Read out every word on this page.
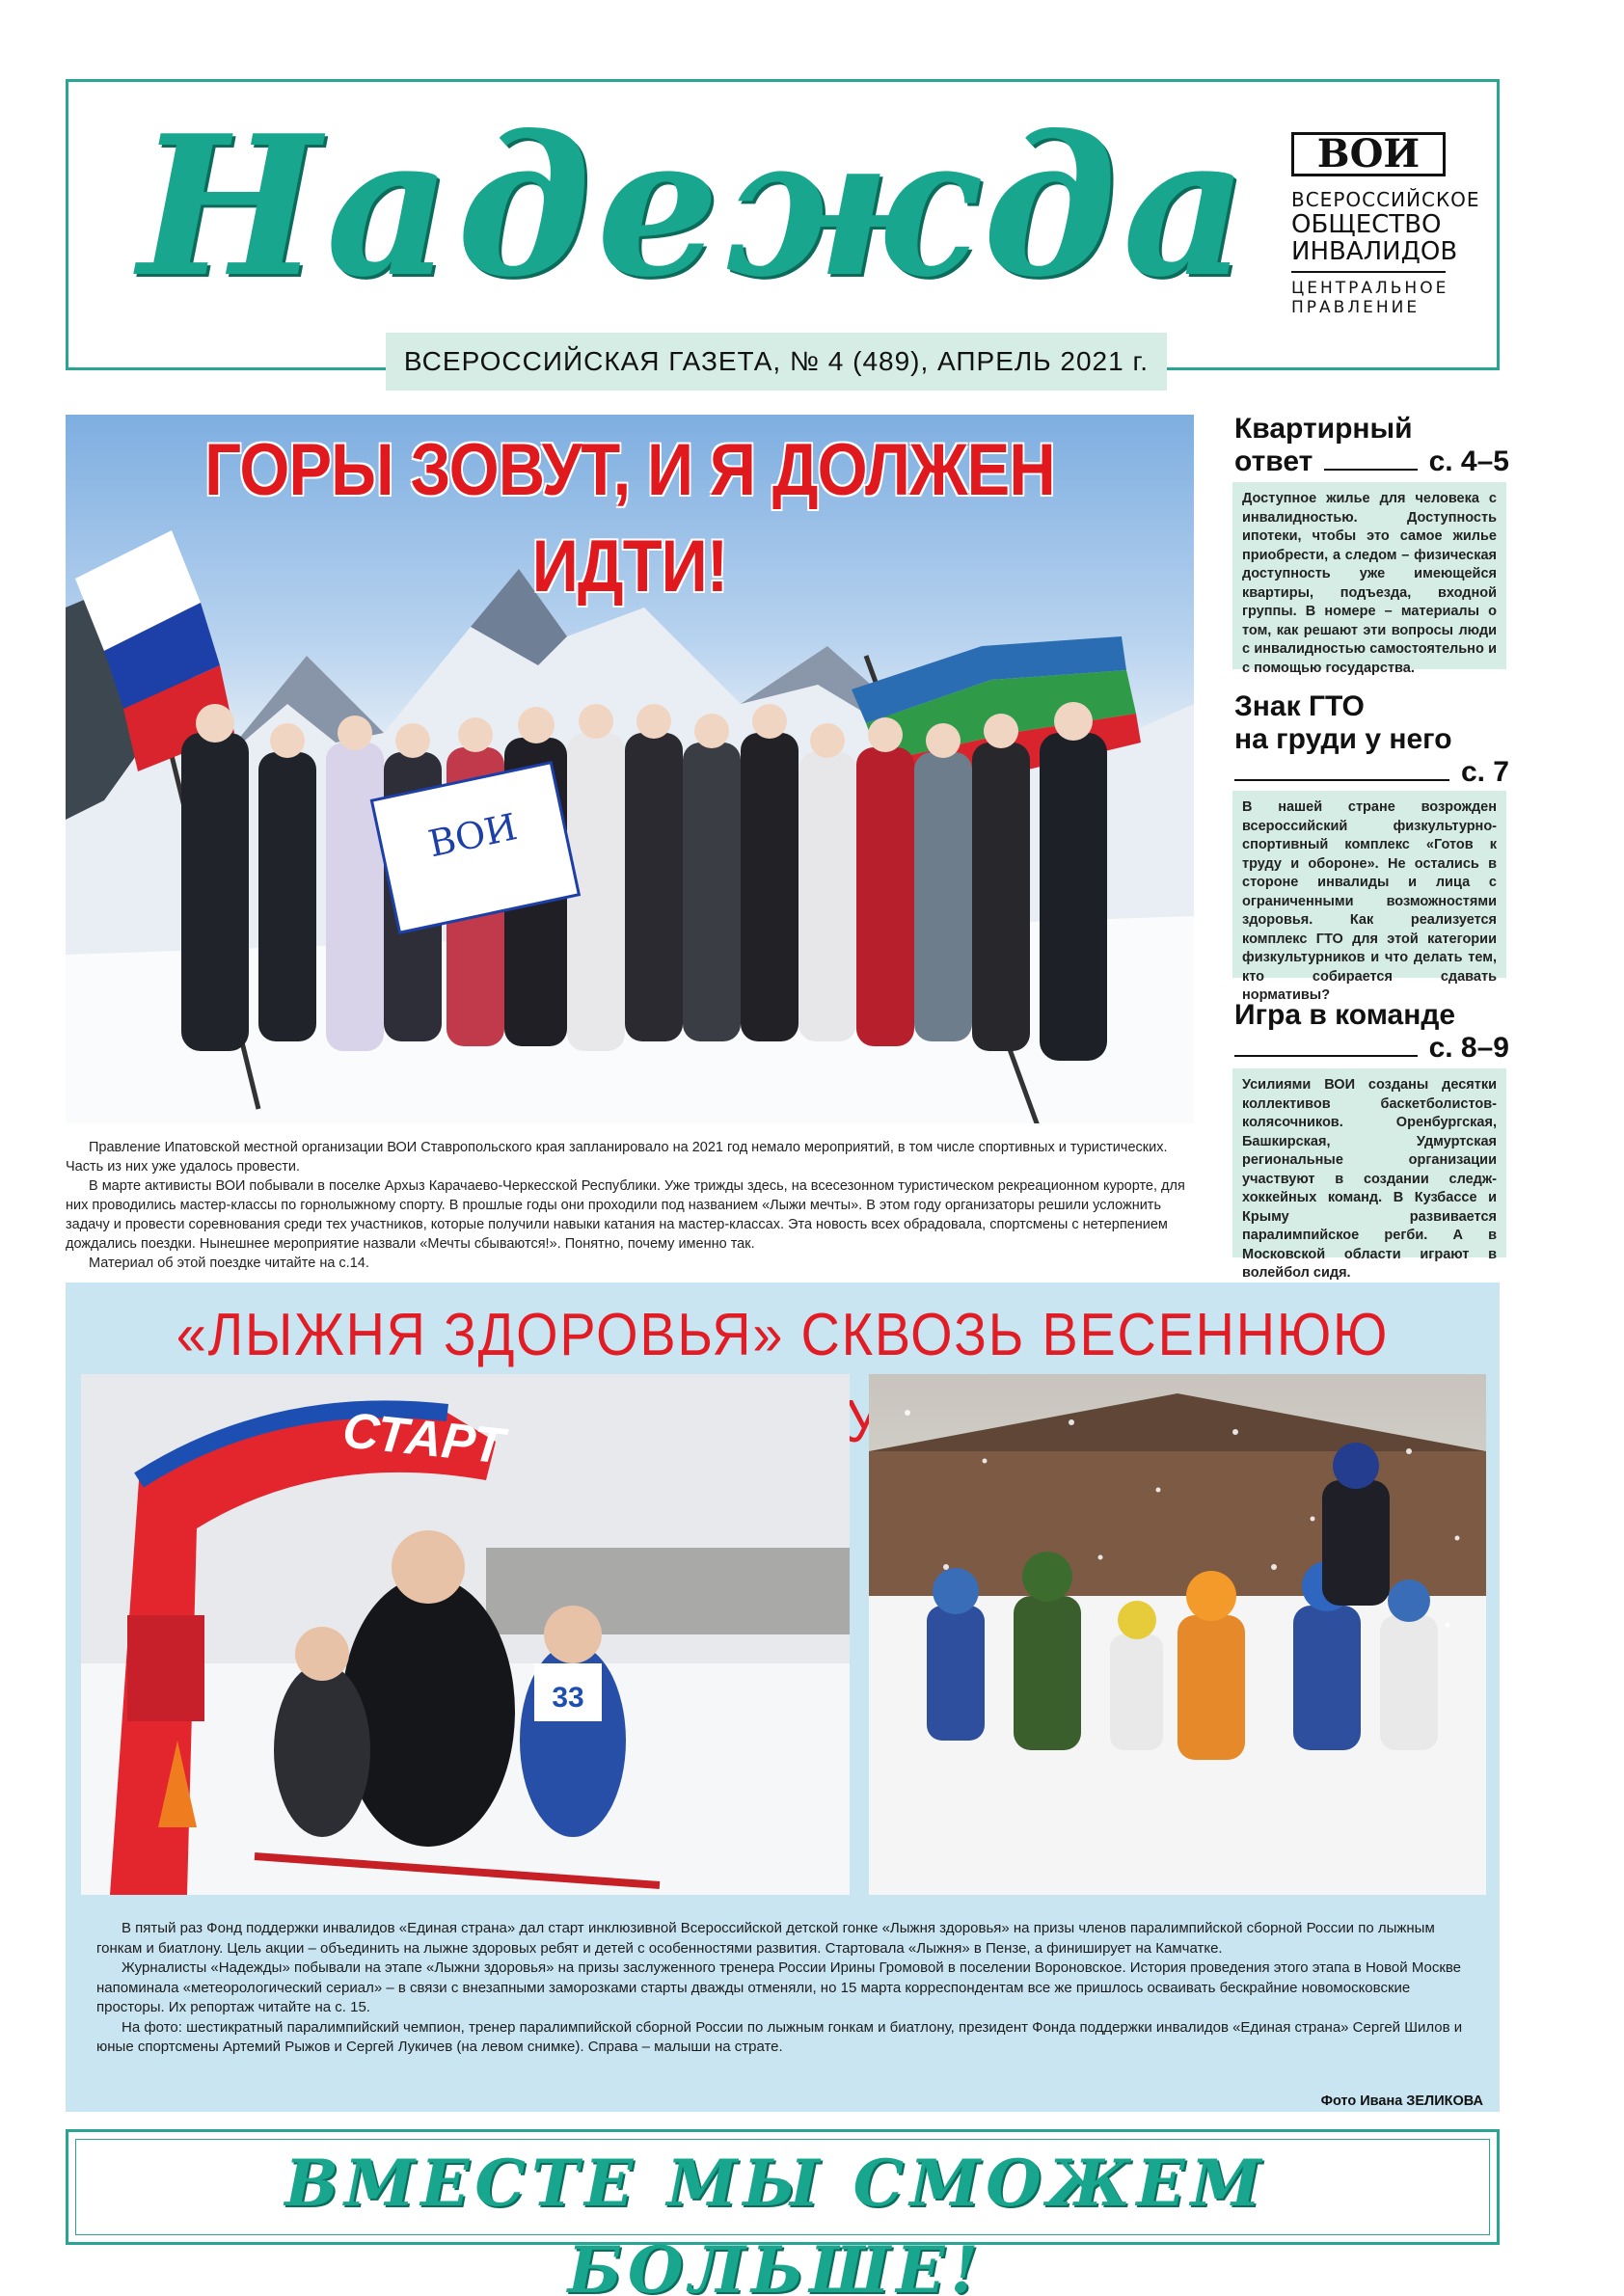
Надежда	ВОИ
ВСЕРОССИЙСКОЕ
ОБЩЕСТВО
ИНВАЛИДОВ
ЦЕНТРАЛЬНОЕ
ПРАВЛЕНИЕ
ВСЕРОССИЙСКАЯ ГАЗЕТА, № 4 (489), АПРЕЛЬ 2021 г.
ВОИ
ГОРЫ ЗОВУТ, И Я ДОЛЖЕН ИДТИ!

Правление Ипатовской местной организации ВОИ Ставропольского края запланировало на 2021 год немало мероприятий, в том числе спортивных и туристических. Часть из них уже удалось провести.

В марте активисты ВОИ побывали в поселке Архыз Карачаево-Черкесской Республики. Уже трижды здесь, на всесезонном туристическом рекреационном курорте, для них проводились мастер-классы по горнолыжному спорту. В прошлые годы они проходили под названием «Лыжи мечты». В этом году организаторы решили усложнить задачу и провести соревнования среди тех участников, которые получили навыки катания на мастер-классах. Эта новость всех обрадовала, спортсмены с нетерпением дождались поездки. Нынешнее мероприятие назвали «Мечты сбываются!». Понятно, почему именно так.

Материал об этой поездке читайте на с.14.

Квартирный
ответ	с. 4–5
Доступное жилье для человека с инвалидностью. Доступность ипотеки, чтобы это самое жилье приобрести, а следом – физическая доступность уже имеющейся квартиры, подъезда, входной группы. В номере – материалы о том, как решают эти вопросы люди с инвалидностью самостоятельно и с помощью государства.
Знак ГТО
на груди у него
с. 7
В нашей стране возрожден всероссийский физкультурно-спортивный комплекс «Готов к труду и обороне». Не остались в стороне инвалиды и лица с ограниченными возможностями здоровья. Как реализуется комплекс ГТО для этой категории физкультурников и что делать тем, кто собирается сдавать нормативы?
Игра в команде
с. 8–9
Усилиями ВОИ созданы десятки коллективов баскетболистов-колясочников. Оренбургская, Башкирская, Удмуртская региональные организации участвуют в создании следж-хоккейных команд. В Кузбассе и Крыму развивается паралимпийское регби. А в Московской области играют в волейбол сидя.
«ЛЫЖНЯ ЗДОРОВЬЯ» СКВОЗЬ ВЕСЕННЮЮ
СТАРТ
33

В пятый раз Фонд поддержки инвалидов «Единая страна» дал старт инклюзивной Всероссийской детской гонке «Лыжня здоровья» на призы членов паралимпийской сборной России по лыжным гонкам и биатлону. Цель акции – объединить на лыжне здоровых ребят и детей с особенностями развития. Стартовала «Лыжня» в Пензе, а финиширует на Камчатке.

Журналисты «Надежды» побывали на этапе «Лыжни здоровья» на призы заслуженного тренера России Ирины Громовой в поселении Вороновское. История проведения этого этапа в Новой Москве напоминала «метеорологический сериал» – в связи с внезапными заморозками старты дважды отменяли, но 15 марта корреспондентам все же пришлось осваивать бескрайние новомосковские просторы. Их репортаж читайте на с. 15.

На фото: шестикратный паралимпийский чемпион, тренер паралимпийской сборной России по лыжным гонкам и биатлону, президент Фонда поддержки инвалидов «Единая страна» Сергей Шилов и юные спортсмены Артемий Рыжов и Сергей Лукичев (на левом снимке). Справа – малыши на страте.

Фото Ивана ЗЕЛИКОВА
ВМЕСТЕ МЫ СМОЖЕМ БОЛЬШЕ!
